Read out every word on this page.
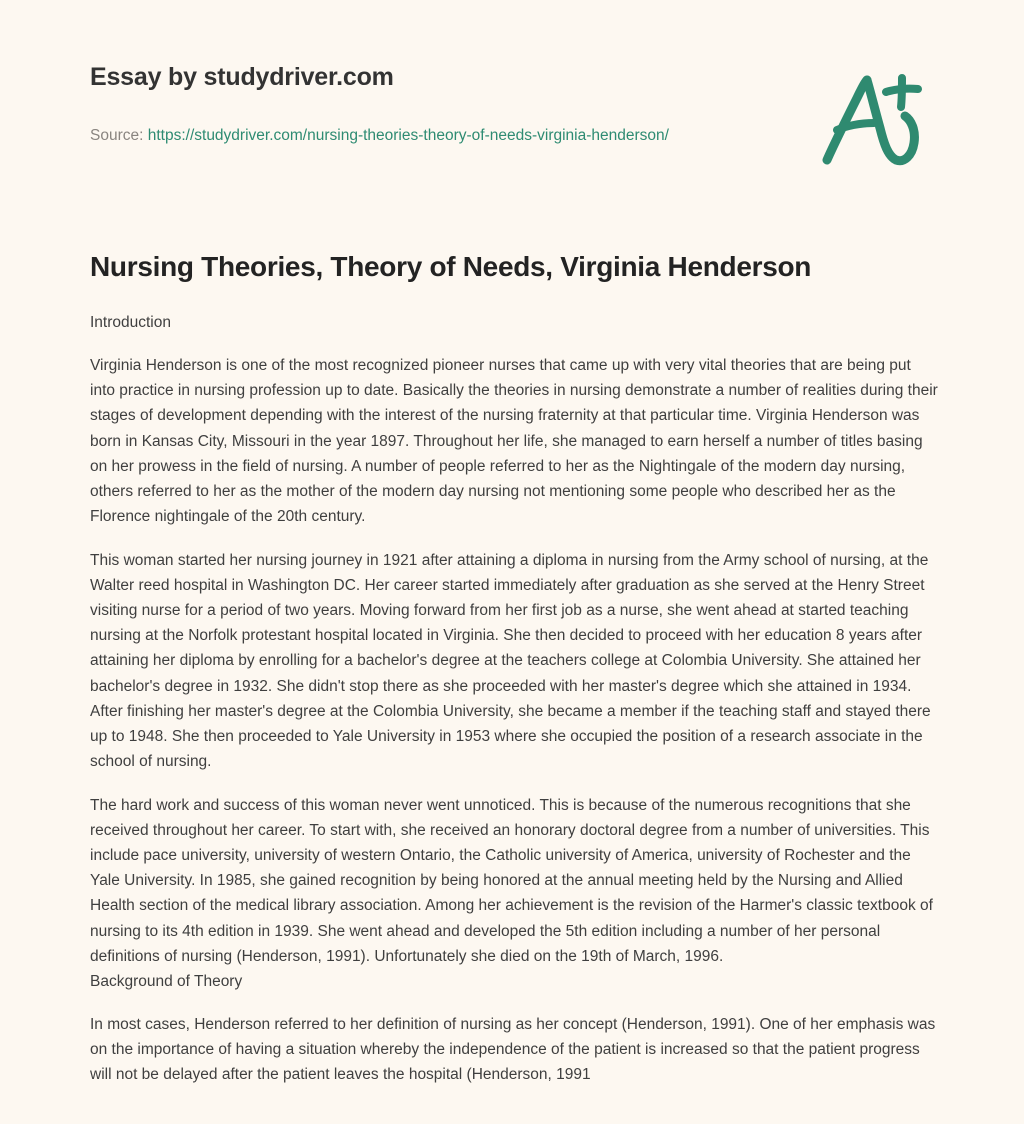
Essay by studydriver.com
Source: https://studydriver.com/nursing-theories-theory-of-needs-virginia-henderson/
Nursing Theories, Theory of Needs, Virginia Henderson
Introduction

Virginia Henderson is one of the most recognized pioneer nurses that came up with very vital theories that are being put into practice in nursing profession up to date. Basically the theories in nursing demonstrate a number of realities during their stages of development depending with the interest of the nursing fraternity at that particular time. Virginia Henderson was born in Kansas City, Missouri in the year 1897. Throughout her life, she managed to earn herself a number of titles basing on her prowess in the field of nursing. A number of people referred to her as the Nightingale of the modern day nursing, others referred to her as the mother of the modern day nursing not mentioning some people who described her as the Florence nightingale of the 20th century.

This woman started her nursing journey in 1921 after attaining a diploma in nursing from the Army school of nursing, at the Walter reed hospital in Washington DC. Her career started immediately after graduation as she served at the Henry Street visiting nurse for a period of two years. Moving forward from her first job as a nurse, she went ahead at started teaching nursing at the Norfolk protestant hospital located in Virginia. She then decided to proceed with her education 8 years after attaining her diploma by enrolling for a bachelor's degree at the teachers college at Colombia University. She attained her bachelor's degree in 1932. She didn't stop there as she proceeded with her master's degree which she attained in 1934. After finishing her master's degree at the Colombia University, she became a member if the teaching staff and stayed there up to 1948. She then proceeded to Yale University in 1953 where she occupied the position of a research associate in the school of nursing.

The hard work and success of this woman never went unnoticed. This is because of the numerous recognitions that she received throughout her career. To start with, she received an honorary doctoral degree from a number of universities. This include pace university, university of western Ontario, the Catholic university of America, university of Rochester and the Yale University. In 1985, she gained recognition by being honored at the annual meeting held by the Nursing and Allied Health section of the medical library association. Among her achievement is the revision of the Harmer's classic textbook of nursing to its 4th edition in 1939. She went ahead and developed the 5th edition including a number of her personal definitions of nursing (Henderson, 1991). Unfortunately she died on the 19th of March, 1996.

Background of Theory

In most cases, Henderson referred to her definition of nursing as her concept (Henderson, 1991). One of her emphasis was on the importance of having a situation whereby the independence of the patient is increased so that the patient progress will not be delayed after the patient leaves the hospital (Henderson, 1991
